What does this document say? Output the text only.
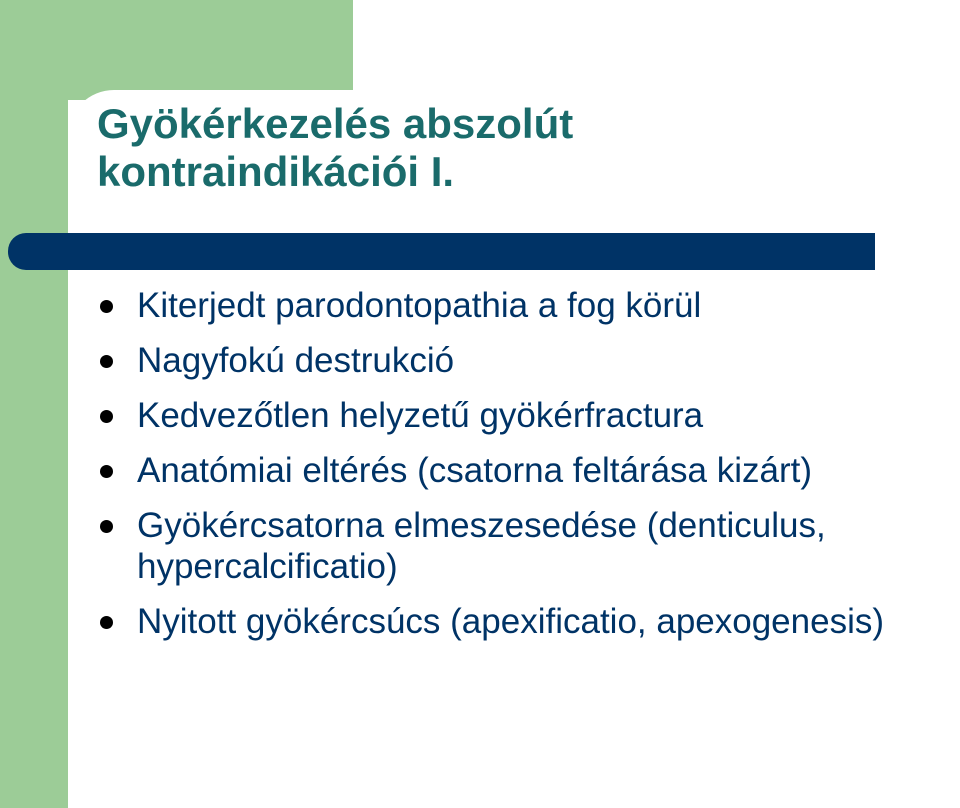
Gyökérkezelés abszolút
kontraindikációi I.
Kiterjedt parodontopathia a fog körül
Nagyfokú destrukció
Kedvezőtlen helyzetű gyökérfractura
Anatómiai eltérés (csatorna feltárása kizárt)
Gyökércsatorna elmeszesedése (denticulus, hypercalcificatio)
Nyitott gyökércsúcs (apexificatio, apexogenesis)
